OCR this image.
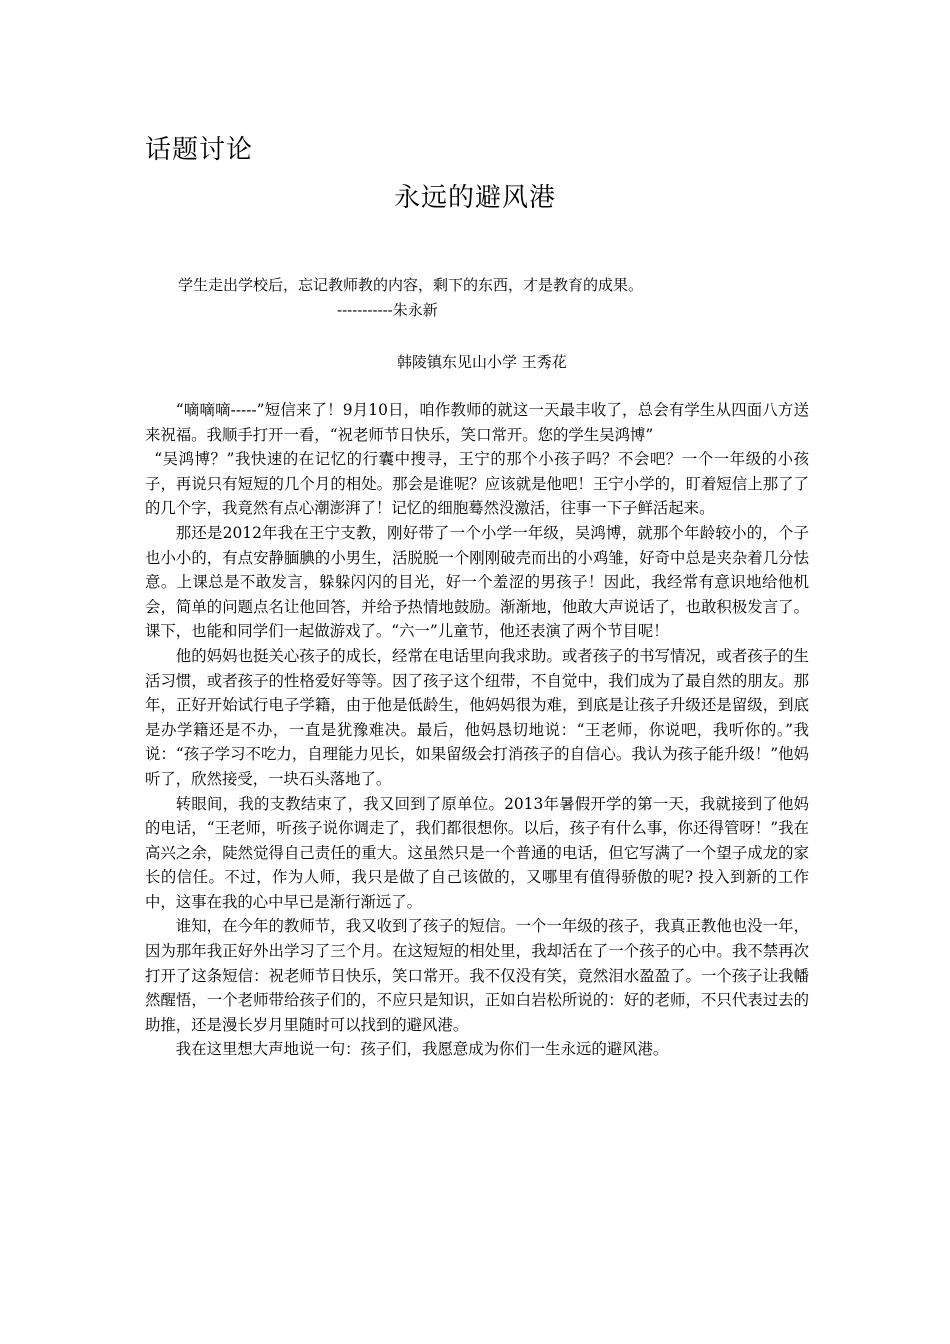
话题讨论
永远的避风港
学生走出学校后，忘记教师教的内容，剩下的东西，才是教育的成果。
-----------朱永新
韩陵镇东见山小学 王秀花

“嘀嘀嘀-----”短信来了！9月10日，咱作教师的就这一天最丰收了，总会有学生从四面八方送来祝福。我顺手打开一看，“祝老师节日快乐，笑口常开。您的学生吴鸿博”

“吴鸿博？”我快速的在记忆的行囊中搜寻，王宁的那个小孩子吗？不会吧？一个一年级的小孩子，再说只有短短的几个月的相处。那会是谁呢？应该就是他吧！王宁小学的，盯着短信上那了了的几个字，我竟然有点心潮澎湃了！记忆的细胞蓦然没激活，往事一下子鲜活起来。

那还是2012年我在王宁支教，刚好带了一个小学一年级，吴鸿博，就那个年龄较小的，个子也小小的，有点安静腼腆的小男生，活脱脱一个刚刚破壳而出的小鸡雏，好奇中总是夹杂着几分怯意。上课总是不敢发言，躲躲闪闪的目光，好一个羞涩的男孩子！因此，我经常有意识地给他机会，简单的问题点名让他回答，并给予热情地鼓励。渐渐地，他敢大声说话了，也敢积极发言了。课下，也能和同学们一起做游戏了。“六一”儿童节，他还表演了两个节目呢！

他的妈妈也挺关心孩子的成长，经常在电话里向我求助。或者孩子的书写情况，或者孩子的生活习惯，或者孩子的性格爱好等等。因了孩子这个纽带，不自觉中，我们成为了最自然的朋友。那年，正好开始试行电子学籍，由于他是低龄生，他妈妈很为难，到底是让孩子升级还是留级，到底是办学籍还是不办，一直是犹豫难决。最后，他妈恳切地说：“王老师，你说吧，我听你的。”我说：“孩子学习不吃力，自理能力见长，如果留级会打消孩子的自信心。我认为孩子能升级！”他妈听了，欣然接受，一块石头落地了。

转眼间，我的支教结束了，我又回到了原单位。2013年暑假开学的第一天，我就接到了他妈的电话，“王老师，听孩子说你调走了，我们都很想你。以后，孩子有什么事，你还得管呀！”我在高兴之余，陡然觉得自己责任的重大。这虽然只是一个普通的电话，但它写满了一个望子成龙的家长的信任。不过，作为人师，我只是做了自己该做的，又哪里有值得骄傲的呢? 投入到新的工作中，这事在我的心中早已是渐行渐远了。

谁知，在今年的教师节，我又收到了孩子的短信。一个一年级的孩子，我真正教他也没一年，因为那年我正好外出学习了三个月。在这短短的相处里，我却活在了一个孩子的心中。我不禁再次打开了这条短信：祝老师节日快乐，笑口常开。我不仅没有笑，竟然泪水盈盈了。一个孩子让我幡然醒悟，一个老师带给孩子们的，不应只是知识，正如白岩松所说的：好的老师，不只代表过去的助推，还是漫长岁月里随时可以找到的避风港。

我在这里想大声地说一句：孩子们，我愿意成为你们一生永远的避风港。
